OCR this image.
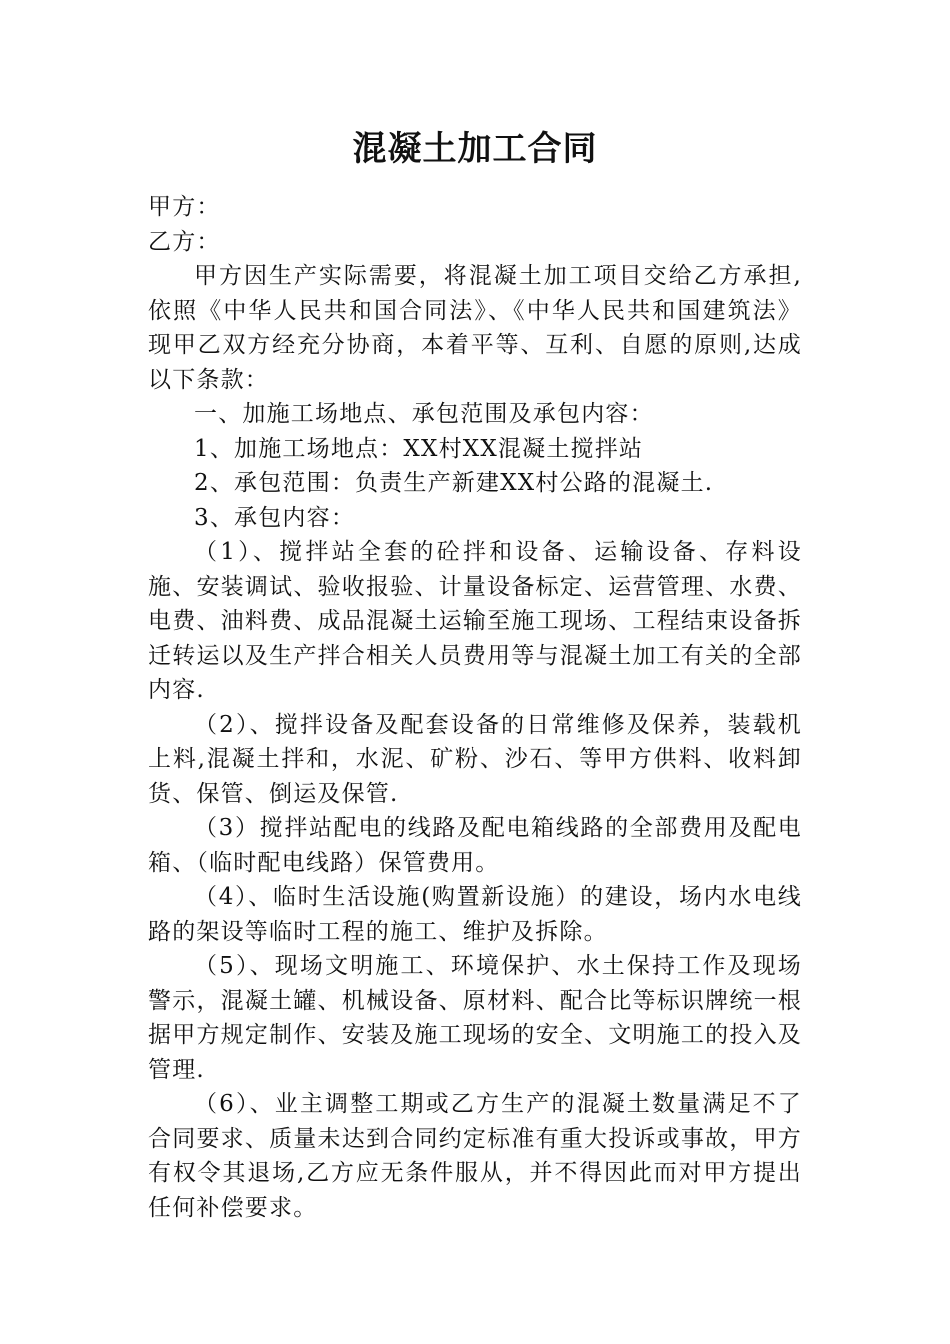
混凝土加工合同

甲方：

乙方：

甲方因生产实际需要，将混凝土加工项目交给乙方承担,依照《中华人民共和国合同法》、《中华人民共和国建筑法》现甲乙双方经充分协商，本着平等、互利、自愿的原则,达成以下条款：

一、加施工场地点、承包范围及承包内容：

1、加施工场地点：XX村XX混凝土搅拌站

2、承包范围：负责生产新建XX村公路的混凝土.

3、承包内容：

（1）、搅拌站全套的砼拌和设备、运输设备、存料设施、安装调试、验收报验、计量设备标定、运营管理、水费、电费、油料费、成品混凝土运输至施工现场、工程结束设备拆迁转运以及生产拌合相关人员费用等与混凝土加工有关的全部内容.

（2）、搅拌设备及配套设备的日常维修及保养，装载机上料,混凝土拌和，水泥、矿粉、沙石、等甲方供料、收料卸货、保管、倒运及保管.

（3）搅拌站配电的线路及配电箱线路的全部费用及配电箱、（临时配电线路）保管费用。

（4）、临时生活设施(购置新设施）的建设，场内水电线路的架设等临时工程的施工、维护及拆除。

（5）、现场文明施工、环境保护、水土保持工作及现场警示，混凝土罐、机械设备、原材料、配合比等标识牌统一根据甲方规定制作、安装及施工现场的安全、文明施工的投入及管理.

（6）、业主调整工期或乙方生产的混凝土数量满足不了合同要求、质量未达到合同约定标准有重大投诉或事故，甲方有权令其退场,乙方应无条件服从，并不得因此而对甲方提出任何补偿要求。
